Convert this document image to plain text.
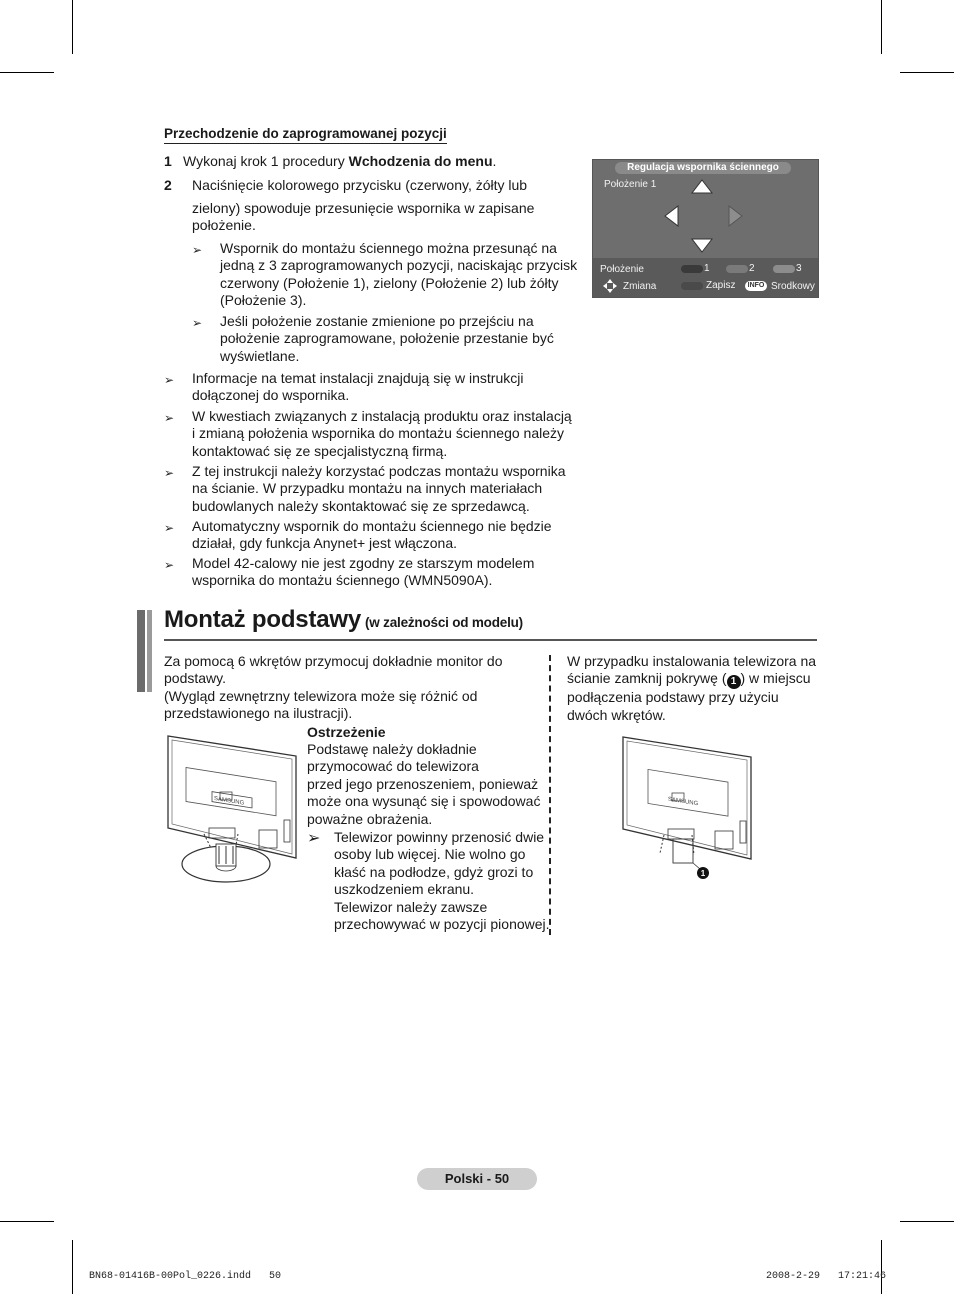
Przechodzenie do zaprogramowanej pozycji
1 Wykonaj krok 1 procedury Wchodzenia do menu.
2 Naciśnięcie kolorowego przycisku (czerwony, żółty lub
zielony) spowoduje przesunięcie wspornika w zapisane
położenie.
➢ Wspornik do montażu ściennego można przesunąć na
jedną z 3 zaprogramowanych pozycji, naciskając przycisk
czerwony (Położenie 1), zielony (Położenie 2) lub żółty
(Położenie 3).
➢ Jeśli położenie zostanie zmienione po przejściu na
położenie zaprogramowane, położenie przestanie być
wyświetlane.
➢ Informacje na temat instalacji znajdują się w instrukcji
dołączonej do wspornika.
➢ W kwestiach związanych z instalacją produktu oraz instalacją
i zmianą położenia wspornika do montażu ściennego należy
kontaktować się ze specjalistyczną firmą.
➢ Z tej instrukcji należy korzystać podczas montażu wspornika
na ścianie. W przypadku montażu na innych materiałach
budowlanych należy skontaktować się ze sprzedawcą.
➢ Automatyczny wspornik do montażu ściennego nie będzie
działał, gdy funkcja Anynet+ jest włączona.
➢ Model 42-calowy nie jest zgodny ze starszym modelem
wspornika do montażu ściennego (WMN5090A).
Regulacja wspornika ściennego
Położenie 1
Położenie	1	2	3
Zmiana	Zapisz	INFO Środkowy
Montaż podstawy (w zależności od modelu)
Za pomocą 6 wkrętów przymocuj dokładnie monitor do
podstawy.
(Wygląd zewnętrzny telewizora może się różnić od
przedstawionego na ilustracji).
SAMSUNG
Ostrzeżenie
Podstawę należy dokładnie
przymocować do telewizora
przed jego przenoszeniem, ponieważ
może ona wysunąć się i spowodować
poważne obrażenia.
➢ Telewizor powinny przenosić dwie
osoby lub więcej. Nie wolno go
kłaść na podłodze, gdyż grozi to
uszkodzeniem ekranu.
Telewizor należy zawsze
przechowywać w pozycji pionowej.
W przypadku instalowania telewizora na
ścianie zamknij pokrywę ( 1 ) w miejscu
podłączenia podstawy przy użyciu
dwóch wkrętów.
SAMSUNG
1
Polski - 50
BN68-01416B-00Pol_0226.indd   50	2008-2-29   17:21:46
